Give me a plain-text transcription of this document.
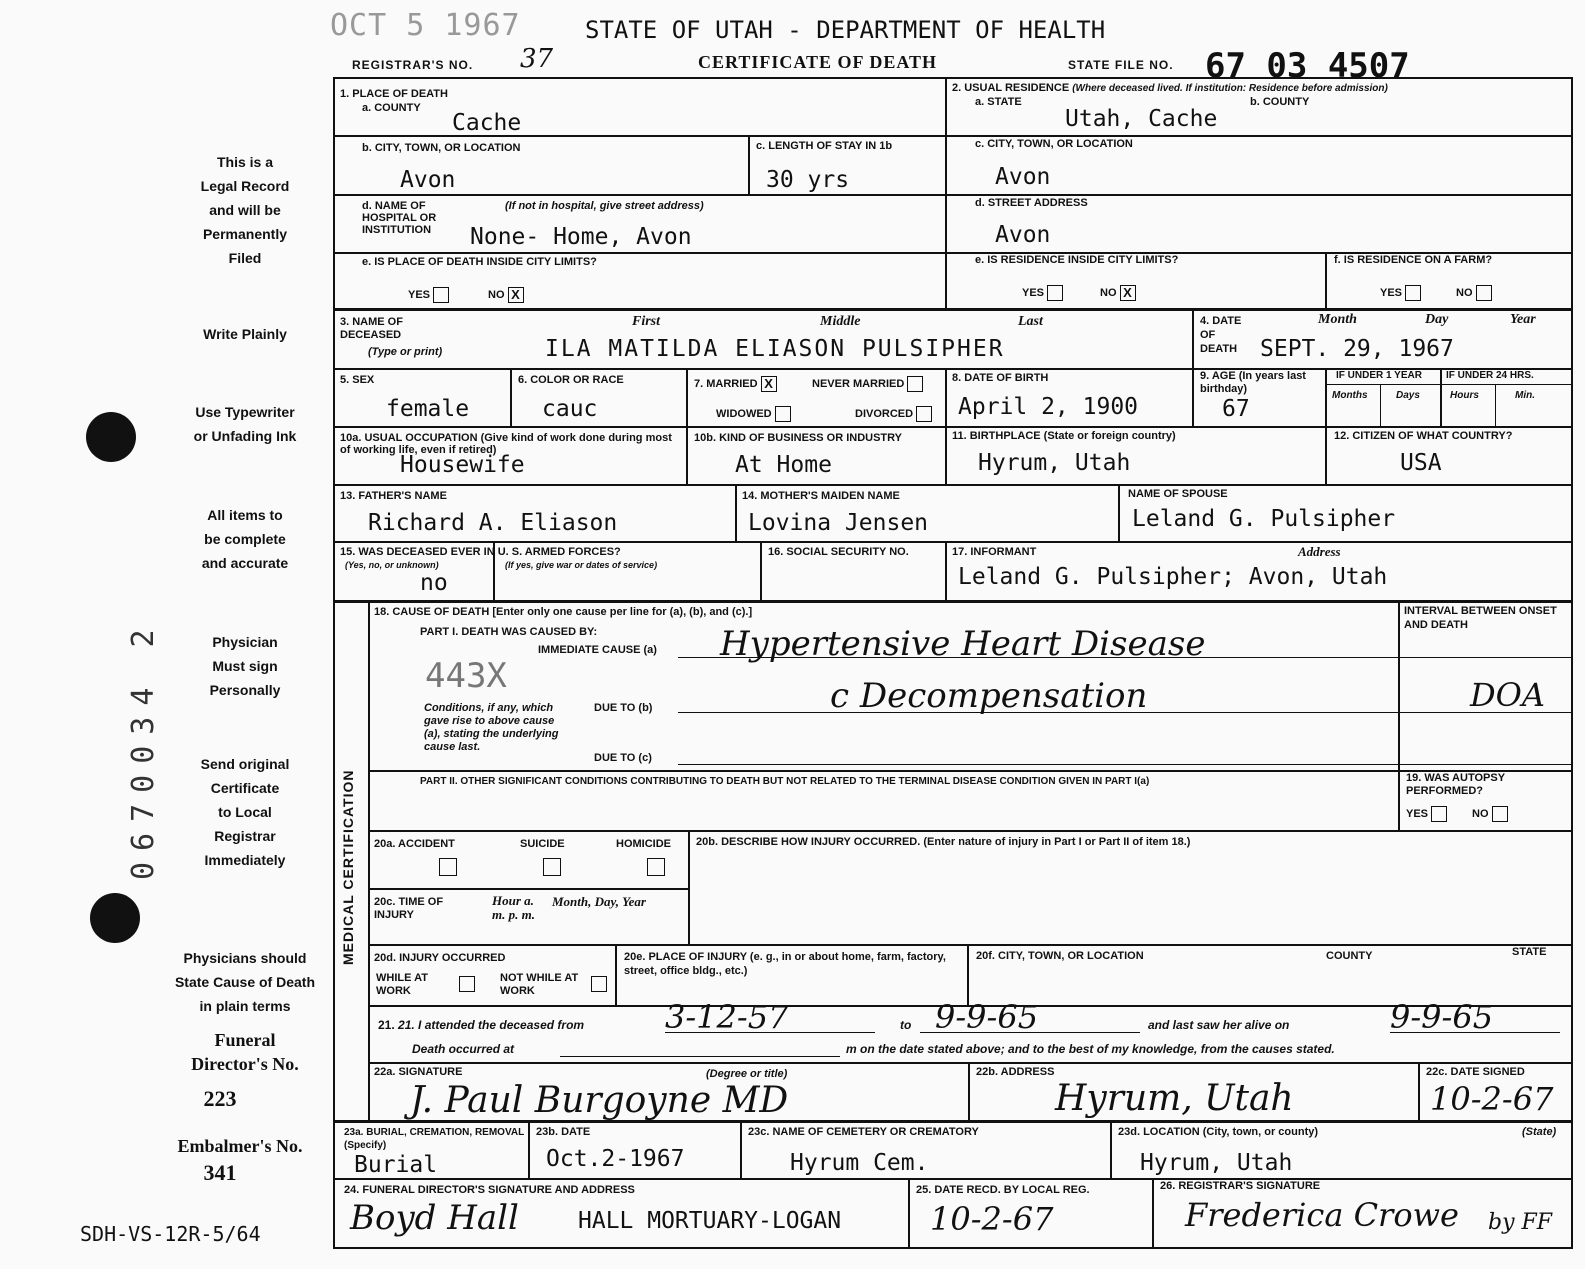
OCT 5 1967	STATE OF UTAH - DEPARTMENT OF HEALTH
REGISTRAR'S NO. 37	CERTIFICATE OF DEATH	STATE FILE NO. 67 03 4507
This is a
Legal Record
and will be
Permanently
Filed
Write Plainly
Use Typewriter
or Unfading Ink
All items to
be complete
and accurate
Physician
Must sign
Personally
Send original
Certificate
to Local
Registrar
Immediately
Physicians should
State Cause of Death
in plain terms
Funeral
Director's No.
223
Embalmer's No.
341
SDH-VS-12R-5/64
0670034 2
1. PLACE OF DEATH
a. COUNTY
Cache
b. CITY, TOWN, OR LOCATION
Avon
c. LENGTH OF STAY IN 1b
30 yrs
d. NAME OF HOSPITAL OR INSTITUTION
(If not in hospital, give street address)
None- Home, Avon
e. IS PLACE OF DEATH INSIDE CITY LIMITS?
YES	NO X
2. USUAL RESIDENCE (Where deceased lived. If institution: Residence before admission)
a. STATE	b. COUNTY
Utah, Cache
c. CITY, TOWN, OR LOCATION
Avon
d. STREET ADDRESS
Avon
e. IS RESIDENCE INSIDE CITY LIMITS?
YES	NO X
f. IS RESIDENCE ON A FARM?
YES	NO
3. NAME OF DECEASED
(Type or print)
First	Middle	Last
ILA MATILDA ELIASON PULSIPHER
4. DATE OF DEATH
Month	Day	Year
SEPT. 29, 1967
5. SEX
female
6. COLOR OR RACE
cauc
7. MARRIED X	NEVER MARRIED
WIDOWED	DIVORCED
8. DATE OF BIRTH
April 2, 1900
9. AGE (In years last birthday)
67
IF UNDER 1 YEAR IF UNDER 24 HRS.
Months	Days	Hours	Min.
10a. USUAL OCCUPATION (Give kind of work done during most of working life, even if retired)
Housewife
10b. KIND OF BUSINESS OR INDUSTRY
At Home
11. BIRTHPLACE (State or foreign country)
Hyrum, Utah
12. CITIZEN OF WHAT COUNTRY?
USA
13. FATHER'S NAME
Richard A. Eliason
14. MOTHER'S MAIDEN NAME
Lovina Jensen
NAME OF SPOUSE
Leland G. Pulsipher
15. WAS DECEASED EVER IN U. S. ARMED FORCES?
(Yes, no, or unknown)	(If yes, give war or dates of service)
no
16. SOCIAL SECURITY NO.	17. INFORMANT	Address
Leland G. Pulsipher; Avon, Utah
MEDICAL CERTIFICATION
18. CAUSE OF DEATH [Enter only one cause per line for (a), (b), and (c).]
PART I. DEATH WAS CAUSED BY:
IMMEDIATE CAUSE (a) Hypertensive Heart Disease
c Decompensation
INTERVAL BETWEEN ONSET AND DEATH
DOA
443X
Conditions, if any, which gave rise to above cause (a), stating the underlying cause last.
DUE TO (b)
DUE TO (c)
PART II. OTHER SIGNIFICANT CONDITIONS CONTRIBUTING TO DEATH BUT NOT RELATED TO THE TERMINAL DISEASE CONDITION GIVEN IN PART I(a)	19. WAS AUTOPSY PERFORMED?
YES	NO
20a. ACCIDENT	SUICIDE	HOMICIDE 20b. DESCRIBE HOW INJURY OCCURRED. (Enter nature of injury in Part I or Part II of item 18.)
20c. TIME OF INJURY
Hour a. m. p. m.
Month, Day, Year
20d. INJURY OCCURRED
WHILE AT WORK
NOT WHILE AT WORK
20e. PLACE OF INJURY (e. g., in or about home, farm, factory, street, office bldg., etc.)
20f. CITY, TOWN, OR LOCATION	COUNTY	STATE
21. 21. I attended the deceased from	3-12-57	to 9-9-65	and last saw her alive on	9-9-65
Death occurred at	m on the date stated above; and to the best of my knowledge, from the causes stated.
22a. SIGNATURE	(Degree or title)
J. Paul Burgoyne MD
22b. ADDRESS
Hyrum, Utah
22c. DATE SIGNED
10-2-67
23a. BURIAL, CREMATION, REMOVAL (Specify)
Burial
23b. DATE
Oct.2-1967
23c. NAME OF CEMETERY OR CREMATORY
Hyrum Cem.
23d. LOCATION (City, town, or county)	(State)
Hyrum, Utah
24. FUNERAL DIRECTOR'S SIGNATURE AND ADDRESS
Boyd Hall	HALL MORTUARY-LOGAN
25. DATE RECD. BY LOCAL REG.
10-2-67
26. REGISTRAR'S SIGNATURE
Frederica Crowe by FF
